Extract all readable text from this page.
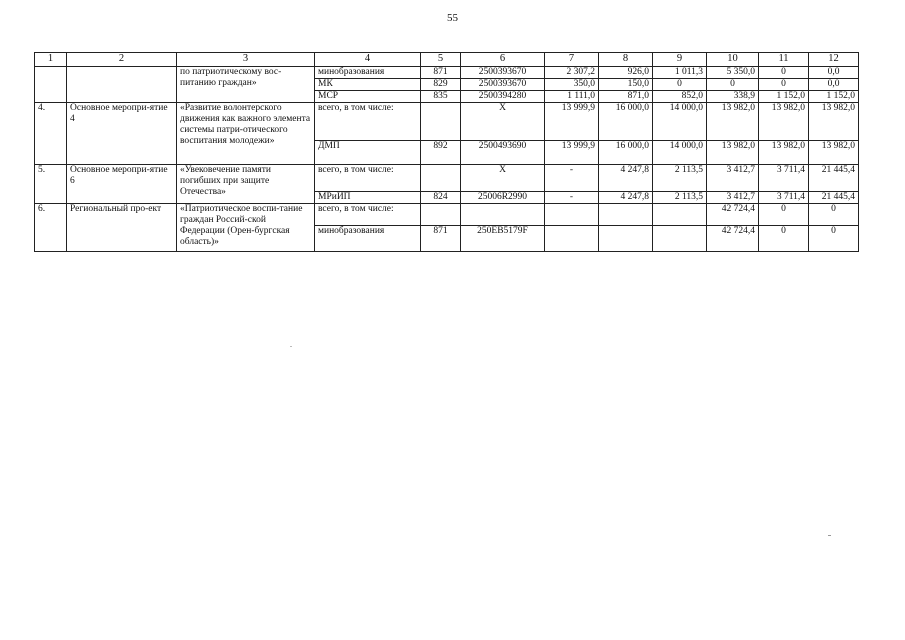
55
1	2	3	4	5	6	7	8	9	10	11	12
		по патриотическому вос-питанию граждан»	минобразования	871	2500393670	2 307,2	926,0	1 011,3	5 350,0	0	0,0
			МК	829	2500393670	350,0	150,0	0	0	0	0,0
			МСР	835	2500394280	1 111,0	871,0	852,0	338,9	1 152,0	1 152,0
4.	Основное меропри-ятие 4	«Развитие волонтерского движения как важного элемента системы патри-отического воспитания молодежи»	всего, в том числе:		X	13 999,9	16 000,0	14 000,0	13 982,0	13 982,0	13 982,0
			ДМП	892	2500493690	13 999,9	16 000,0	14 000,0	13 982,0	13 982,0	13 982,0
5.	Основное меропри-ятие 6	«Увековечение памяти погибших при защите Отечества»	всего, в том числе:		X	-	4 247,8	2 113,5	3 412,7	3 711,4	21 445,4
			МРиИП	824	25006R2990	-	4 247,8	2 113,5	3 412,7	3 711,4	21 445,4
6.	Региональный про-ект	«Патриотическое воспи-тание граждан Россий-ской Федерации (Орен-бургская область)»	всего, в том числе:						42 724,4	0	0
			минобразования	871	250EB5179F				42 724,4	0	0
